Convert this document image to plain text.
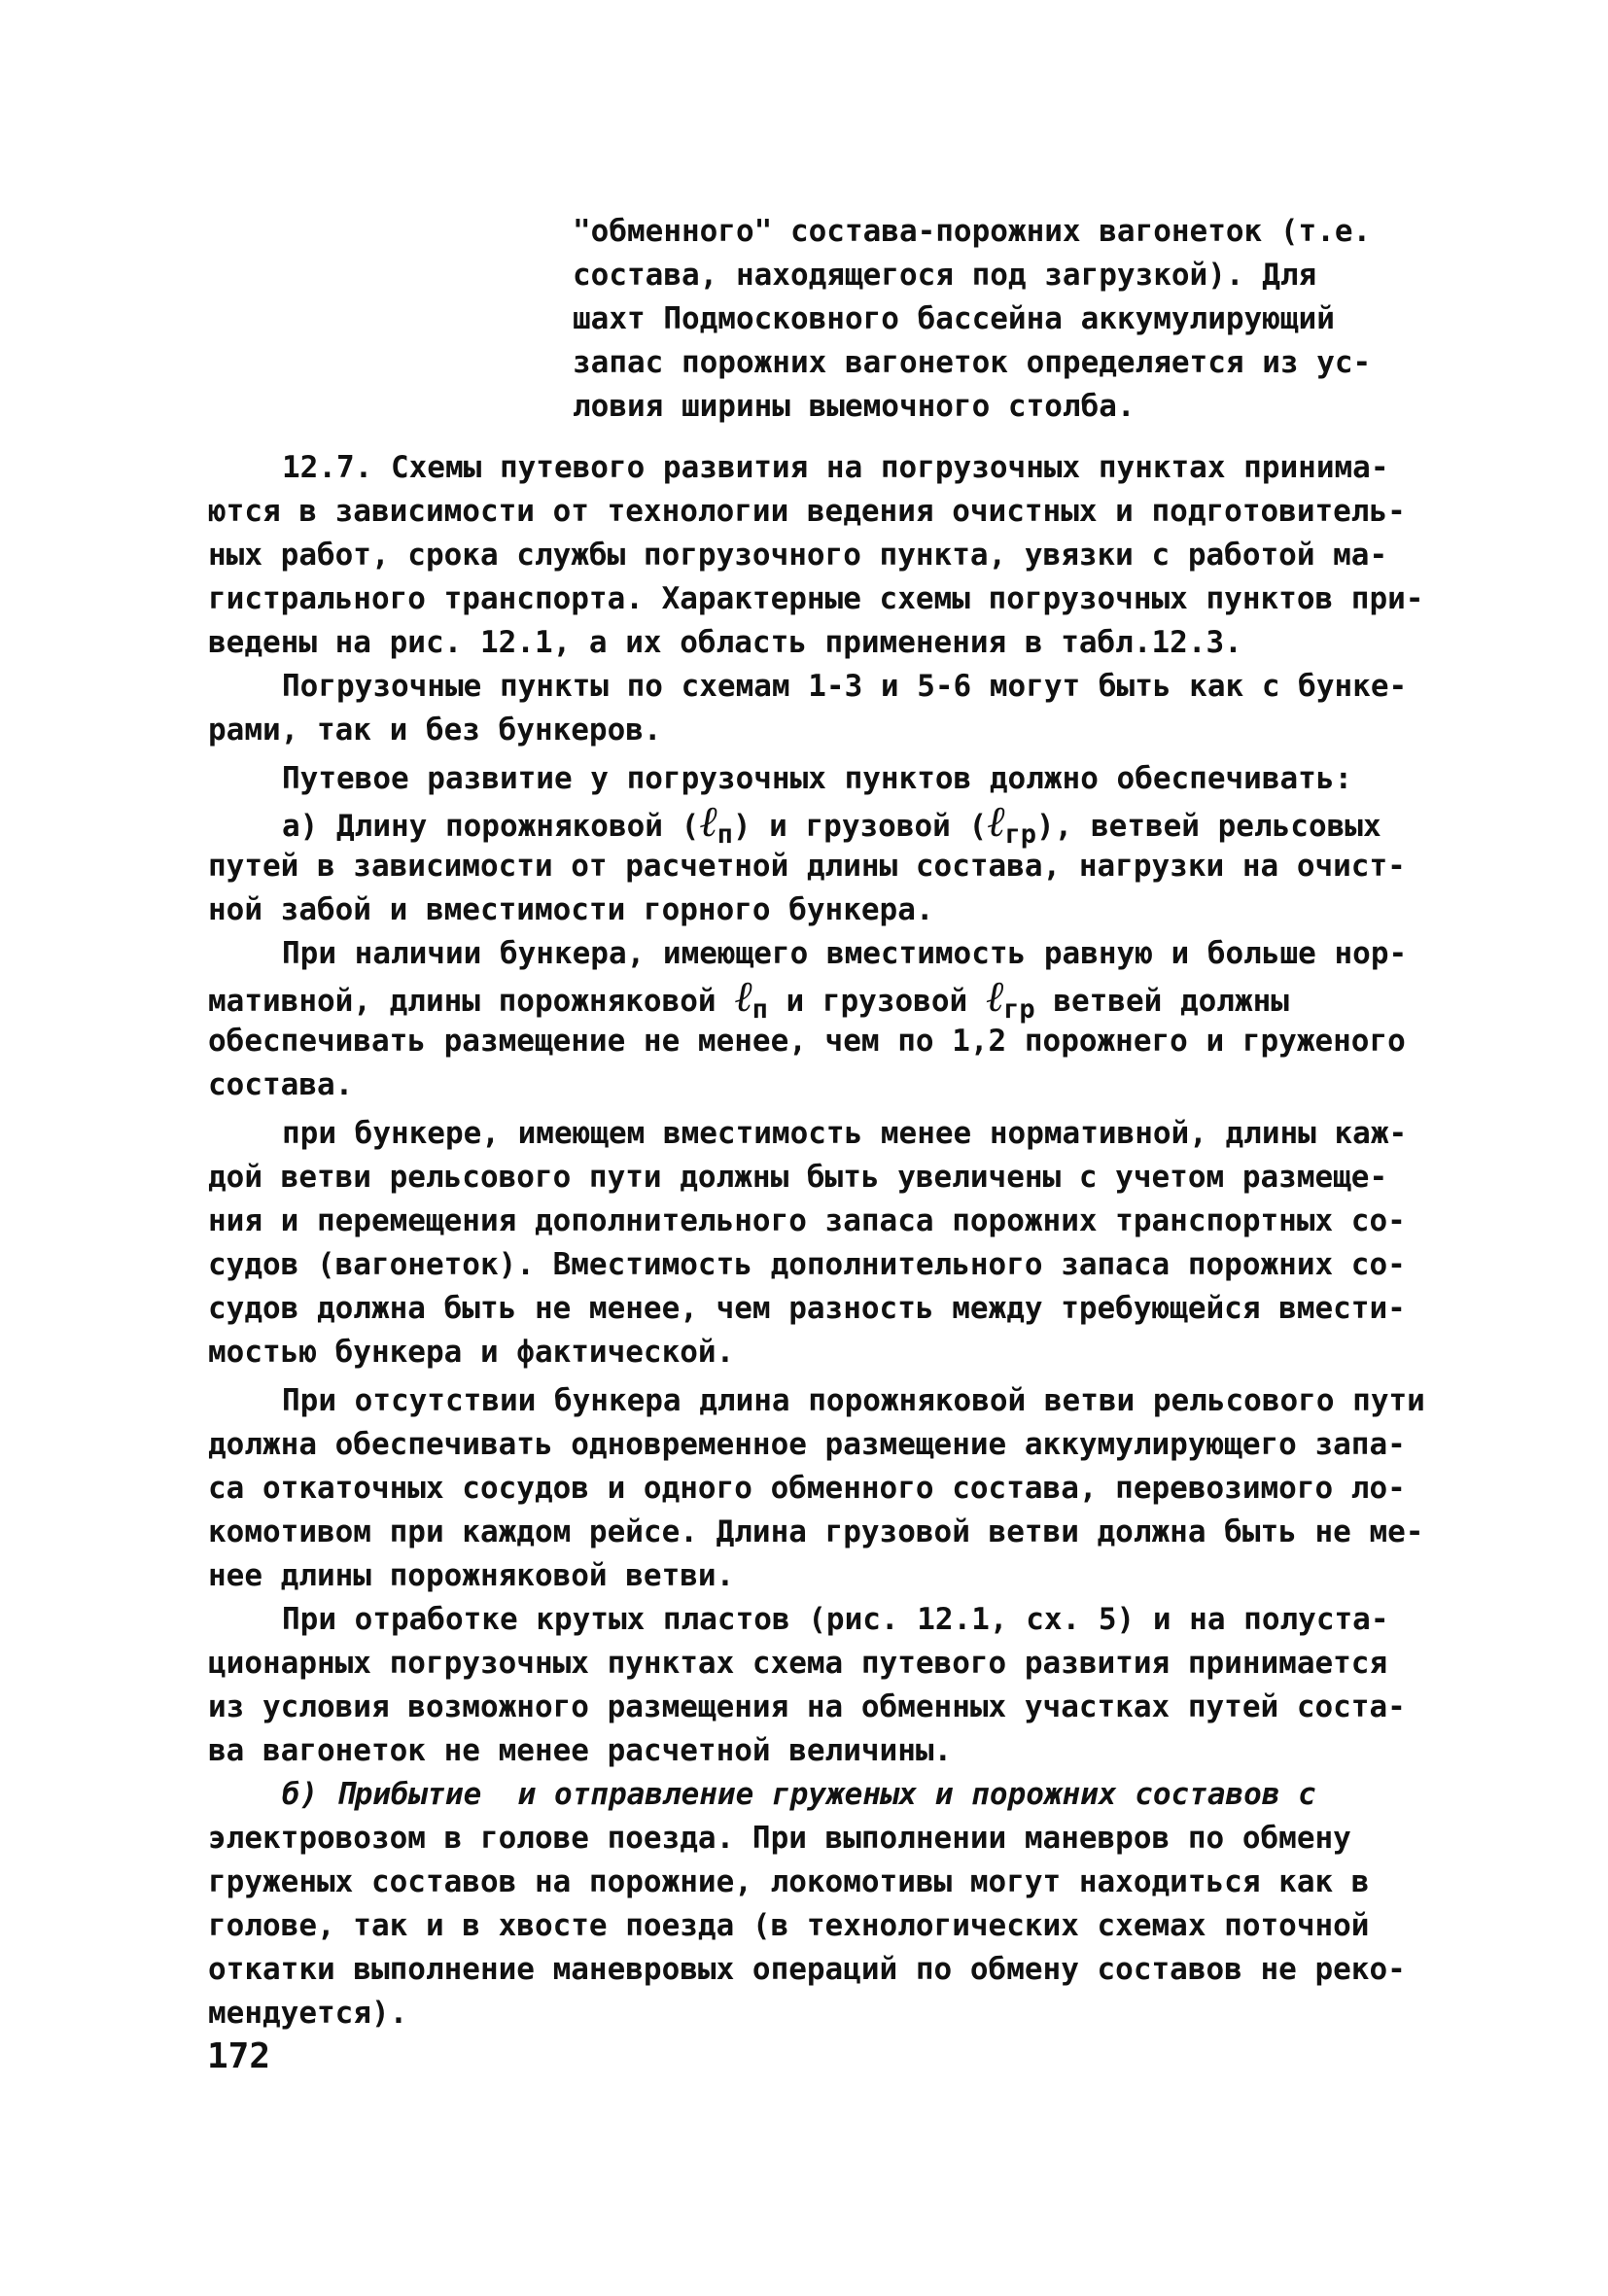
"обменного" состава-порожних вагонеток (т.е.
состава, находящегося под загрузкой). Для
шахт Подмосковного бассейна аккумулирующий
запас порожних вагонеток определяется из ус-
ловия ширины выемочного столба.
12.7. Схемы путевого развития на погрузочных пунктах принима-
ются в зависимости от технологии ведения очистных и подготовитель-
ных работ, срока службы погрузочного пункта, увязки с работой ма-
гистрального транспорта. Характерные схемы погрузочных пунктов при-
ведены на рис. 12.1, а их область применения в табл.12.3.
Погрузочные пункты по схемам 1-3 и 5-6 могут быть как с бунке-
рами, так и без бункеров.
Путевое развитие у погрузочных пунктов должно обеспечивать:
а) Длину порожняковой (ℓп) и грузовой (ℓгр), ветвей рельсовых
путей в зависимости от расчетной длины состава, нагрузки на очист-
ной забой и вместимости горного бункера.
При наличии бункера, имеющего вместимость равную и больше нор-
мативной, длины порожняковой ℓп и грузовой ℓгр ветвей должны
обеспечивать размещение не менее, чем по 1,2 порожнего и груженого
состава.
при бункере, имеющем вместимость менее нормативной, длины каж-
дой ветви рельсового пути должны быть увеличены с учетом размеще-
ния и перемещения дополнительного запаса порожних транспортных со-
судов (вагонеток). Вместимость дополнительного запаса порожних со-
судов должна быть не менее, чем разность между требующейся вмести-
мостью бункера и фактической.
При отсутствии бункера длина порожняковой ветви рельсового пути
должна обеспечивать одновременное размещение аккумулирующего запа-
са откаточных сосудов и одного обменного состава, перевозимого ло-
комотивом при каждом рейсе. Длина грузовой ветви должна быть не ме-
нее длины порожняковой ветви.
При отработке крутых пластов (рис. 12.1, сх. 5) и на полуста-
ционарных погрузочных пунктах схема путевого развития принимается
из условия возможного размещения на обменных участках путей соста-
ва вагонеток не менее расчетной величины.
б) Прибытие  и отправление груженых и порожних составов с
электровозом в голове поезда. При выполнении маневров по обмену
груженых составов на порожние, локомотивы могут находиться как в
голове, так и в хвосте поезда (в технологических схемах поточной
откатки выполнение маневровых операций по обмену составов не реко-
мендуется).
172
